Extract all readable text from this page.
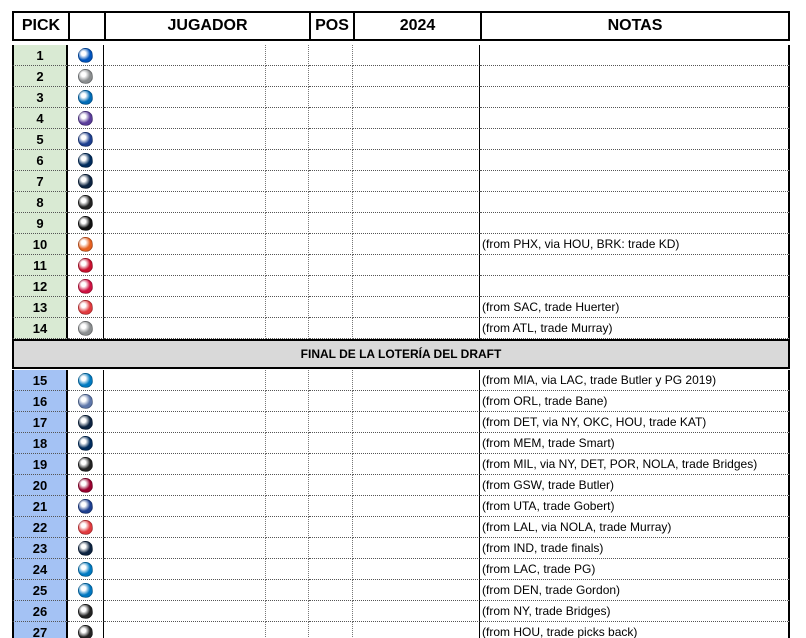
PICK	JUGADOR	POS	2024	NOTAS
1
2
3
4
5
6
7
8
9
10	(from PHX, via HOU, BRK: trade KD)
11
12
13	(from SAC, trade Huerter)
14	(from ATL, trade Murray)
15	(from MIA, via LAC, trade Butler y PG 2019)
16	(from ORL, trade Bane)
17	(from DET, via NY, OKC, HOU, trade KAT)
18	(from MEM, trade Smart)
19	(from MIL, via NY, DET, POR, NOLA, trade Bridges)
20	(from GSW, trade Butler)
21	(from UTA, trade Gobert)
22	(from LAL, via NOLA, trade Murray)
23	(from IND, trade finals)
24	(from LAC, trade PG)
25	(from DEN, trade Gordon)
26	(from NY, trade Bridges)
27	(from HOU, trade picks back)
FINAL DE LA LOTERÍA DEL DRAFT
